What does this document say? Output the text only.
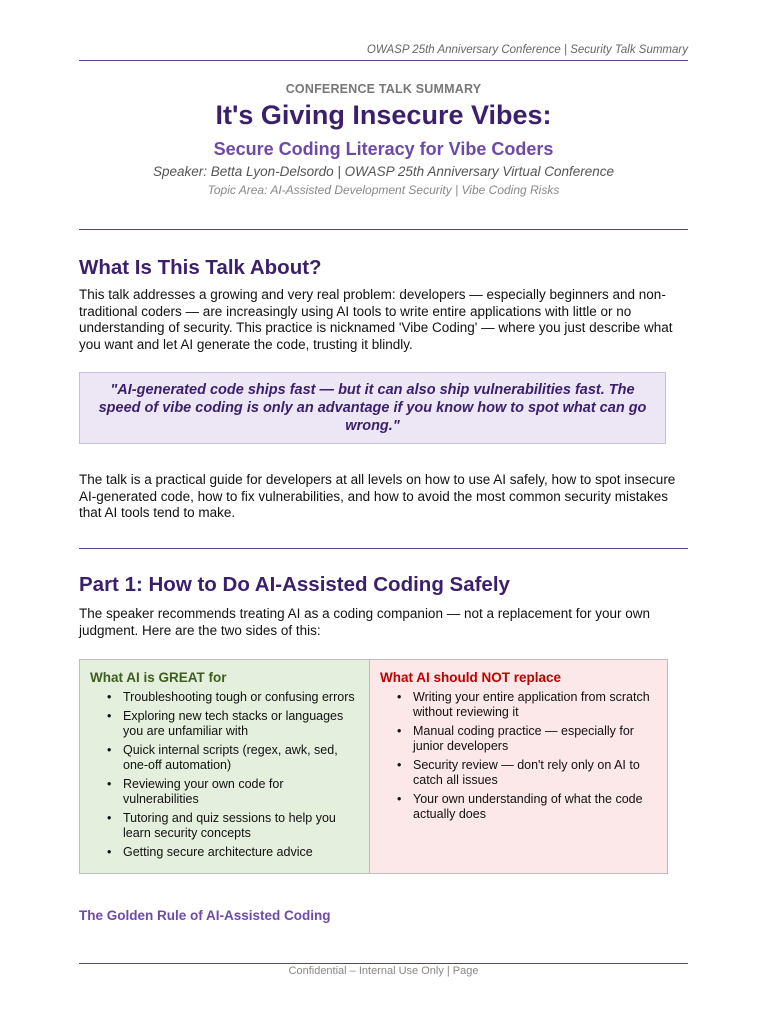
OWASP 25th Anniversary Conference | Security Talk Summary
CONFERENCE TALK SUMMARY
It's Giving Insecure Vibes:
Secure Coding Literacy for Vibe Coders
Speaker: Betta Lyon-Delsordo | OWASP 25th Anniversary Virtual Conference
Topic Area: AI-Assisted Development Security | Vibe Coding Risks
What Is This Talk About?

This talk addresses a growing and very real problem: developers — especially beginners and non-traditional coders — are increasingly using AI tools to write entire applications with little or no understanding of security. This practice is nicknamed 'Vibe Coding' — where you just describe what you want and let AI generate the code, trusting it blindly.

"AI-generated code ships fast — but it can also ship vulnerabilities fast. The speed of vibe coding is only an advantage if you know how to spot what can go wrong."

The talk is a practical guide for developers at all levels on how to use AI safely, how to spot insecure AI-generated code, how to fix vulnerabilities, and how to avoid the most common security mistakes that AI tools tend to make.

Part 1: How to Do AI-Assisted Coding Safely

The speaker recommends treating AI as a coding companion — not a replacement for your own judgment. Here are the two sides of this:

What AI is GREAT for
• Troubleshooting tough or confusing errors
• Exploring new tech stacks or languages you are unfamiliar with
• Quick internal scripts (regex, awk, sed, one-off automation)
• Reviewing your own code for vulnerabilities
• Tutoring and quiz sessions to help you learn security concepts
• Getting secure architecture advice
What AI should NOT replace
• Writing your entire application from scratch without reviewing it
• Manual coding practice — especially for junior developers
• Security review — don't rely only on AI to catch all issues
• Your own understanding of what the code actually does
The Golden Rule of AI-Assisted Coding
Confidential – Internal Use Only | Page
